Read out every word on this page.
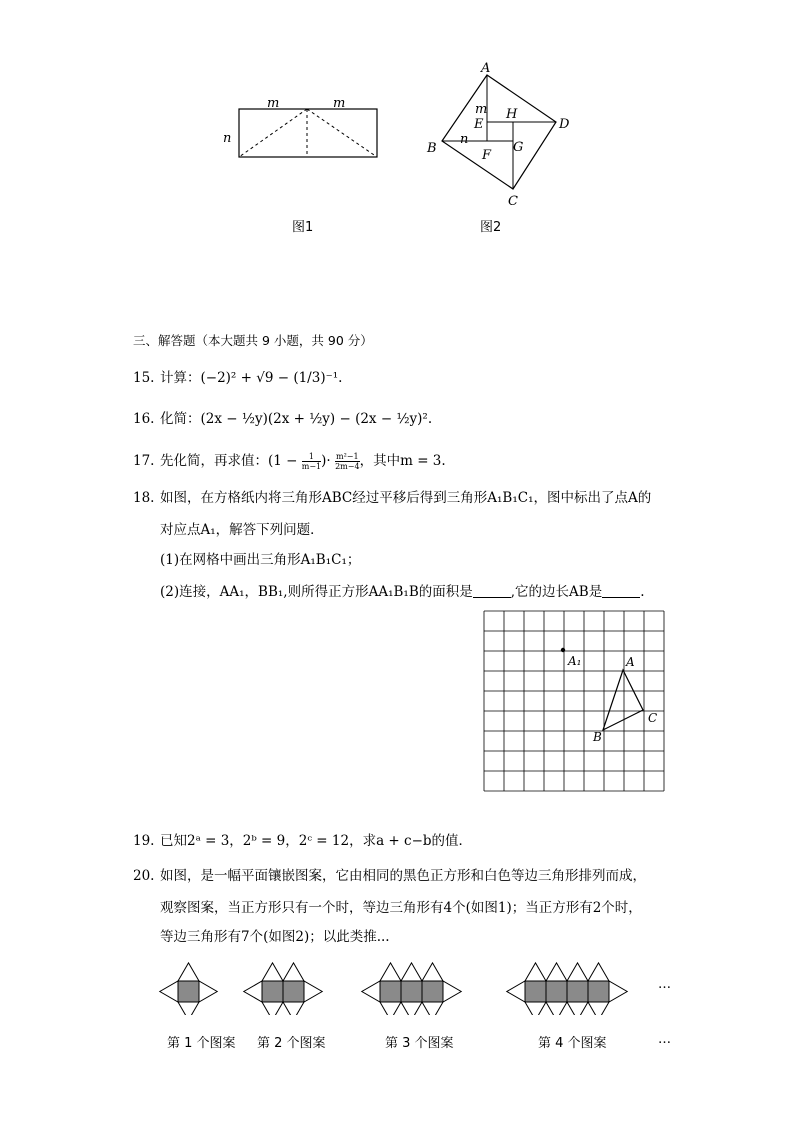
m	m
n
图1
A
B
C
D
E
F
G
H
m
n
图2
三、解答题（本大题共 9 小题，共 90 分）
15. 计算：(−2)² + √9 − (1/3)⁻¹.
16. 化简：(2x − ½y)(2x + ½y) − (2x − ½y)².
17. 先化简，再求值：($1 - \frac{1}{m-1}$ )· $\frac{\text{m²−1}}{2m-4}$ ，其中m = 3.
18. 如图，在方格纸内将三角形ABC经过平移后得到三角形A₁B₁C₁，图中标出了点A的
对应点A₁，解答下列问题．
(1)在网格中画出三角形A₁B₁C₁；
(2)连接，AA₁，BB₁,则所得正方形AA₁B₁B的面积是	,它的边长AB是	.
A₁	A
B
C
19. 已知2ᵃ = 3，2ᵇ = 9，2ᶜ = 12，求a + c−b的值．
20. 如图，是一幅平面镶嵌图案，它由相同的黑色正方形和白色等边三角形排列而成，
观察图案，当正方形只有一个时，等边三角形有4个(如图1)；当正方形有2个时，
等边三角形有7个(如图2)；以此类推...
…
第 1 个图案 第 2 个图案	第 3 个图案	第 4 个图案	…
